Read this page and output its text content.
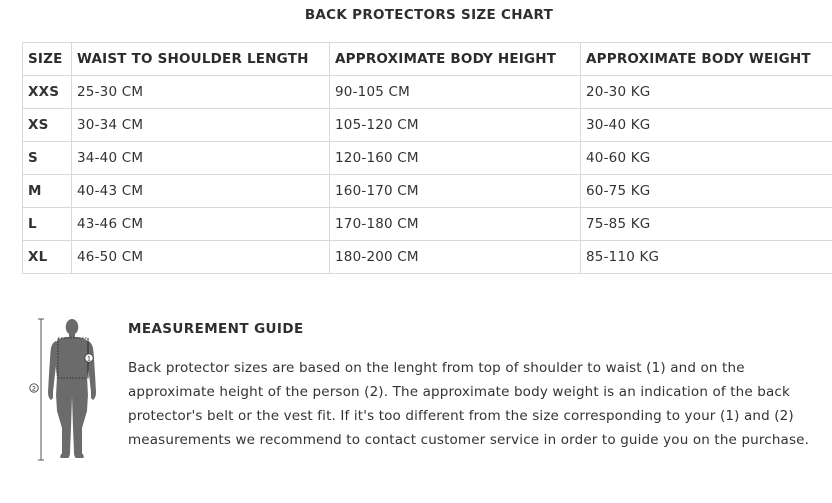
BACK PROTECTORS SIZE CHART
SIZE	WAIST TO SHOULDER LENGTH	APPROXIMATE BODY HEIGHT	APPROXIMATE BODY WEIGHT
XXS	25-30 CM	90-105 CM	20-30 KG
XS	30-34 CM	105-120 CM	30-40 KG
S	34-40 CM	120-160 CM	40-60 KG
M	40-43 CM	160-170 CM	60-75 KG
L	43-46 CM	170-180 CM	75-85 KG
XL	46-50 CM	180-200 CM	85-110 KG
2
1
MEASUREMENT GUIDE

Back protector sizes are based on the lenght from top of shoulder to waist (1) and on the approximate height of the person (2). The approximate body weight is an indication of the back protector's belt or the vest fit. If it's too different from the size corresponding to your (1) and (2) measurements we recommend to contact customer service in order to guide you on the purchase.
